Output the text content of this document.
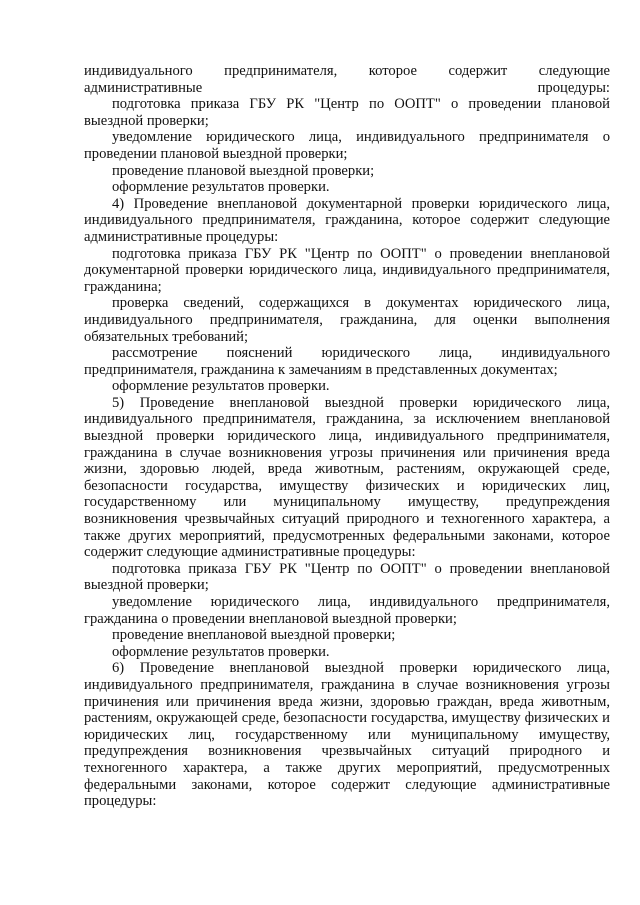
индивидуального предпринимателя, которое содержит следующие административные процедуры:

подготовка приказа ГБУ РК "Центр по ООПТ" о проведении плановой выездной проверки;

уведомление юридического лица, индивидуального предпринимателя о проведении плановой выездной проверки;

проведение плановой выездной проверки;

оформление результатов проверки.

4) Проведение внеплановой документарной проверки юридического лица, индивидуального предпринимателя, гражданина, которое содержит следующие административные процедуры:

подготовка приказа ГБУ РК "Центр по ООПТ" о проведении внеплановой документарной проверки юридического лица, индивидуального предпринимателя, гражданина;

проверка сведений, содержащихся в документах юридического лица, индивидуального предпринимателя, гражданина, для оценки выполнения обязательных требований;

рассмотрение пояснений юридического лица, индивидуального предпринимателя, гражданина к замечаниям в представленных документах;

оформление результатов проверки.

5) Проведение внеплановой выездной проверки юридического лица, индивидуального предпринимателя, гражданина, за исключением внеплановой выездной проверки юридического лица, индивидуального предпринимателя, гражданина в случае возникновения угрозы причинения или причинения вреда жизни, здоровью людей, вреда животным, растениям, окружающей среде, безопасности государства, имуществу физических и юридических лиц, государственному или муниципальному имуществу, предупреждения возникновения чрезвычайных ситуаций природного и техногенного характера, а также других мероприятий, предусмотренных федеральными законами, которое содержит следующие административные процедуры:

подготовка приказа ГБУ РК "Центр по ООПТ" о проведении внеплановой выездной проверки;

уведомление юридического лица, индивидуального предпринимателя, гражданина о проведении внеплановой выездной проверки;

проведение внеплановой выездной проверки;

оформление результатов проверки.

6) Проведение внеплановой выездной проверки юридического лица, индивидуального предпринимателя, гражданина в случае возникновения угрозы причинения или причинения вреда жизни, здоровью граждан, вреда животным, растениям, окружающей среде, безопасности государства, имуществу физических и юридических лиц, государственному или муниципальному имуществу, предупреждения возникновения чрезвычайных ситуаций природного и техногенного характера, а также других мероприятий, предусмотренных федеральными законами, которое содержит следующие административные процедуры:
